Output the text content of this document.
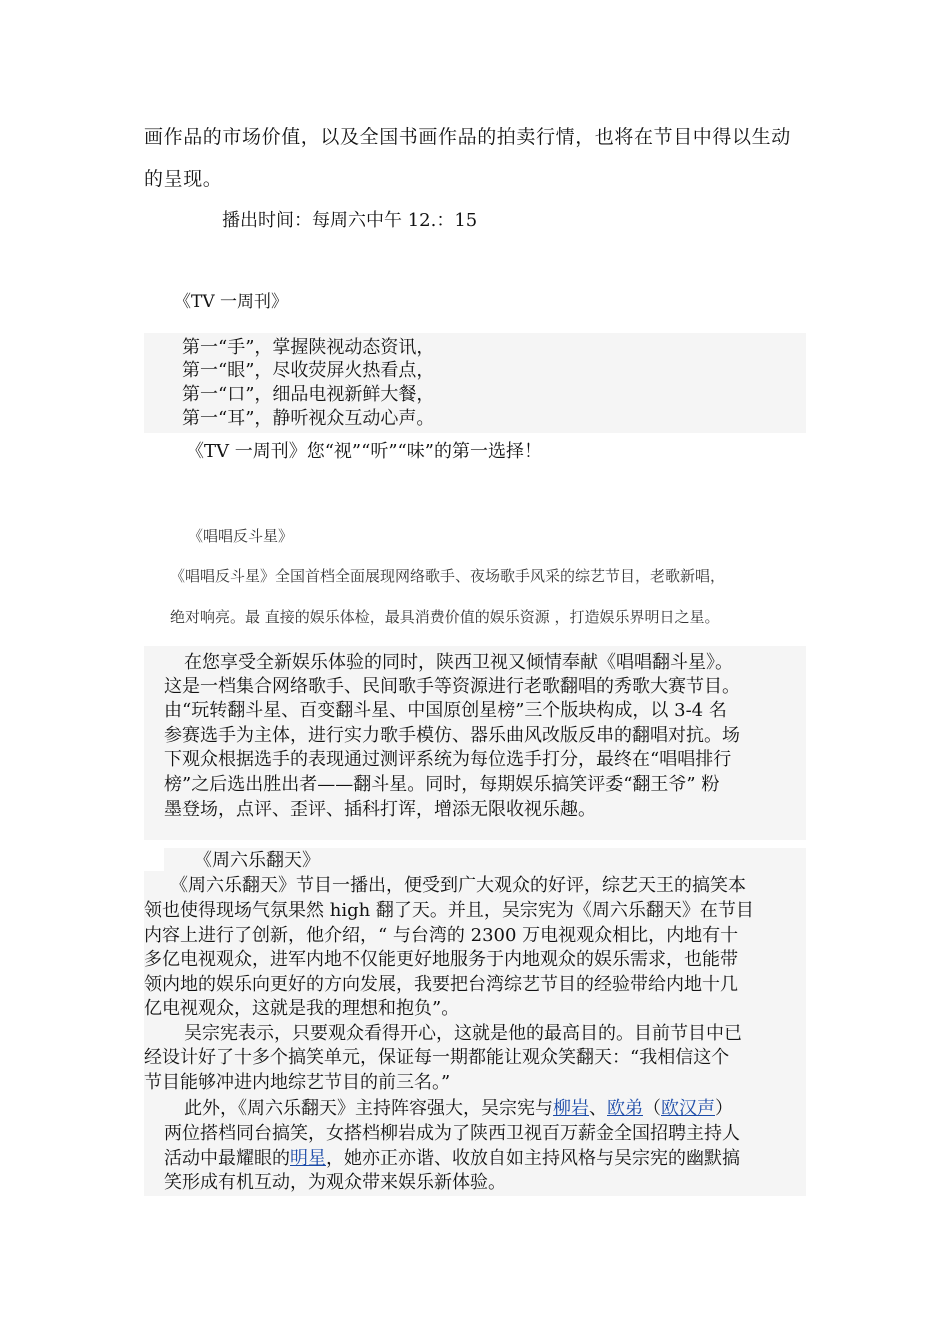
画作品的市场价值，以及全国书画作品的拍卖行情，也将在节目中得以生动
的呈现。
播出时间：每周六中午 12.：15
《TV 一周刊》
第一“手”，掌握陕视动态资讯，
第一“眼”，尽收荧屏火热看点，
第一“口”，细品电视新鲜大餐，
第一“耳”，静听视众互动心声。
《TV 一周刊》您“视”“听”“味”的第一选择！
《唱唱反斗星》
《唱唱反斗星》全国首档全面展现网络歌手、夜场歌手风采的综艺节目，老歌新唱，
绝对响亮。最 直接的娱乐体检，最具消费价值的娱乐资源 ，打造娱乐界明日之星。
在您享受全新娱乐体验的同时，陕西卫视又倾情奉献《唱唱翻斗星》。
这是一档集合网络歌手、民间歌手等资源进行老歌翻唱的秀歌大赛节目。
由“玩转翻斗星、百变翻斗星、中国原创星榜”三个版块构成，以 3-4 名
参赛选手为主体，进行实力歌手模仿、器乐曲风改版反串的翻唱对抗。场
下观众根据选手的表现通过测评系统为每位选手打分，最终在“唱唱排行
榜”之后选出胜出者——翻斗星。同时，每期娱乐搞笑评委“翻王爷” 粉
墨登场，点评、歪评、插科打诨，增添无限收视乐趣。
《周六乐翻天》
《周六乐翻天》节目一播出，便受到广大观众的好评，综艺天王的搞笑本
领也使得现场气氛果然 high 翻了天。并且，吴宗宪为《周六乐翻天》在节目
内容上进行了创新，他介绍，“ 与台湾的 2300 万电视观众相比，内地有十
多亿电视观众，进军内地不仅能更好地服务于内地观众的娱乐需求，也能带
领内地的娱乐向更好的方向发展，我要把台湾综艺节目的经验带给内地十几
亿电视观众，这就是我的理想和抱负”。
吴宗宪表示，只要观众看得开心，这就是他的最高目的。目前节目中已
经设计好了十多个搞笑单元，保证每一期都能让观众笑翻天：“我相信这个
节目能够冲进内地综艺节目的前三名。”
此外，《周六乐翻天》主持阵容强大，吴宗宪与柳岩、欧弟（欧汉声）
两位搭档同台搞笑，女搭档柳岩成为了陕西卫视百万薪金全国招聘主持人
活动中最耀眼的明星，她亦正亦谐、收放自如主持风格与吴宗宪的幽默搞
笑形成有机互动，为观众带来娱乐新体验。
